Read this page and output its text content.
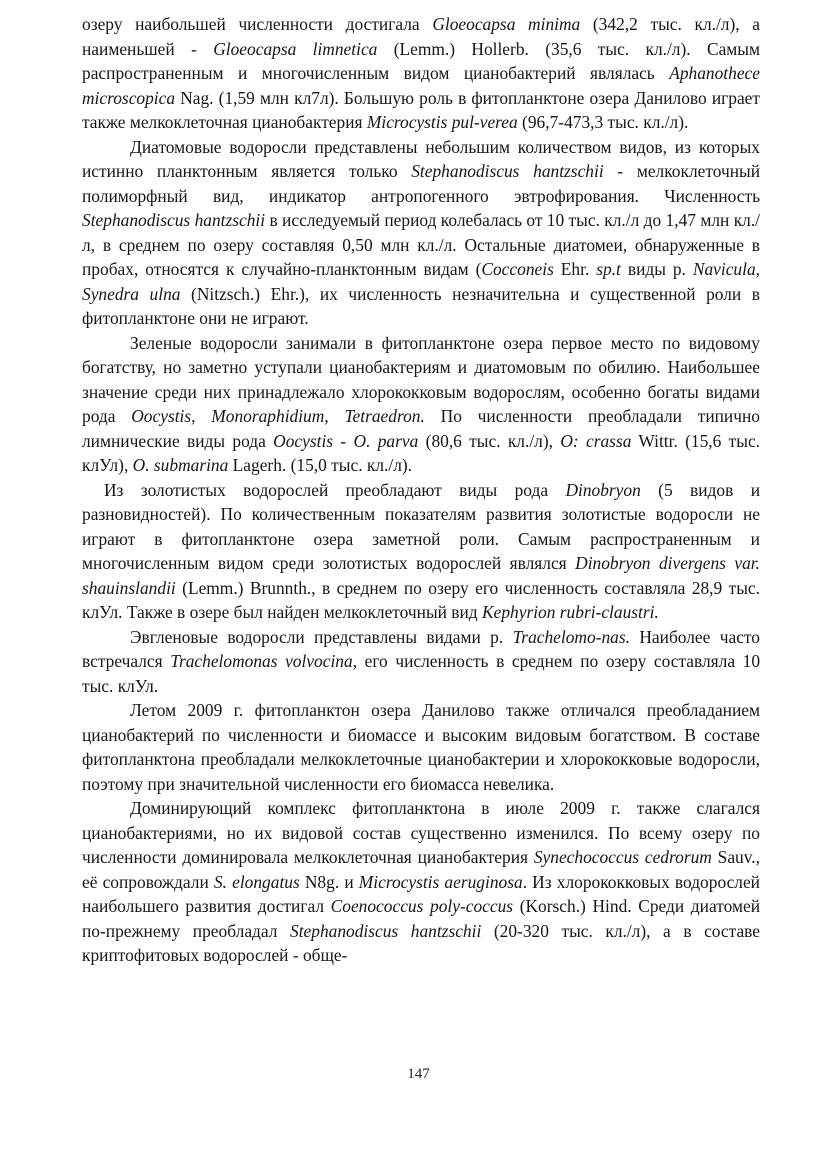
озеру наибольшей численности достигала Gloeocapsa minima (342,2 тыс. кл./л), а наименьшей - Gloeocapsa limnetica (Lemm.) Hollerb. (35,6 тыс. кл./л). Самым распространенным и многочисленным видом цианобактерий являлась Aphanothece microscopica Nag. (1,59 млн кл7л). Большую роль в фитопланктоне озера Данилово играет также мелкоклеточная цианобактерия Microcystis pul-verea (96,7-473,3 тыс. кл./л).

Диатомовые водоросли представлены небольшим количеством видов, из которых истинно планктонным является только Stephanodiscus hantzschii - мелкоклеточный полиморфный вид, индикатор антропогенного эвтрофирования. Численность Stephanodiscus hantzschii в исследуемый период колебалась от 10 тыс. кл./л до 1,47 млн кл./л, в среднем по озеру составляя 0,50 млн кл./л. Остальные диатомеи, обнаруженные в пробах, относятся к случайно-планктонным видам (Cocconeis Ehr. sp.t виды р. Navicula, Synedra ulna (Nitzsch.) Ehr.), их численность незначительна и существенной роли в фитопланктоне они не играют.

Зеленые водоросли занимали в фитопланктоне озера первое место по видовому богатству, но заметно уступали цианобактериям и диатомовым по обилию. Наибольшее значение среди них принадлежало хлорококковым водорослям, особенно богаты видами рода Oocystis, Monoraphidium, Tetraedron. По численности преобладали типично лимнические виды рода Oocystis - O. parva (80,6 тыс. кл./л), O: crassa Wittr. (15,6 тыс. клУл), O. submarina Lagerh. (15,0 тыс. кл./л).

Из золотистых водорослей преобладают виды рода Dinobryon (5 видов и разновидностей). По количественным показателям развития золотистые водоросли не играют в фитопланктоне озера заметной роли. Самым распространенным и многочисленным видом среди золотистых водорослей являлся Dinobryon divergens var. shauinslandii (Lemm.) Brunnth., в среднем по озеру его численность составляла 28,9 тыс. клУл. Также в озере был найден мелкоклеточный вид Kephyrion rubri-claustri.

Эвгленовые водоросли представлены видами р. Trachelomo-nas. Наиболее часто встречался Trachelomonas volvocina, его численность в среднем по озеру составляла 10 тыс. клУл.

Летом 2009 г. фитопланктон озера Данилово также отличался преобладанием цианобактерий по численности и биомассе и высоким видовым богатством. В составе фитопланктона преобладали мелкоклеточные цианобактерии и хлорококковые водоросли, поэтому при значительной численности его биомасса невелика.

Доминирующий комплекс фитопланктона в июле 2009 г. также слагался цианобактериями, но их видовой состав существенно изменился. По всему озеру по численности доминировала мелкоклеточная цианобактерия Synechococcus cedrorum Sauv., её сопровождали S. elongatus N8g. и Microcystis aeruginosa. Из хлорококковых водорослей наибольшего развития достигал Coenococcus poly-coccus (Korsch.) Hind. Среди диатомей по-прежнему преобладал Stephanodiscus hantzschii (20-320 тыс. кл./л), а в составе криптофитовых водорослей - обще-

147
